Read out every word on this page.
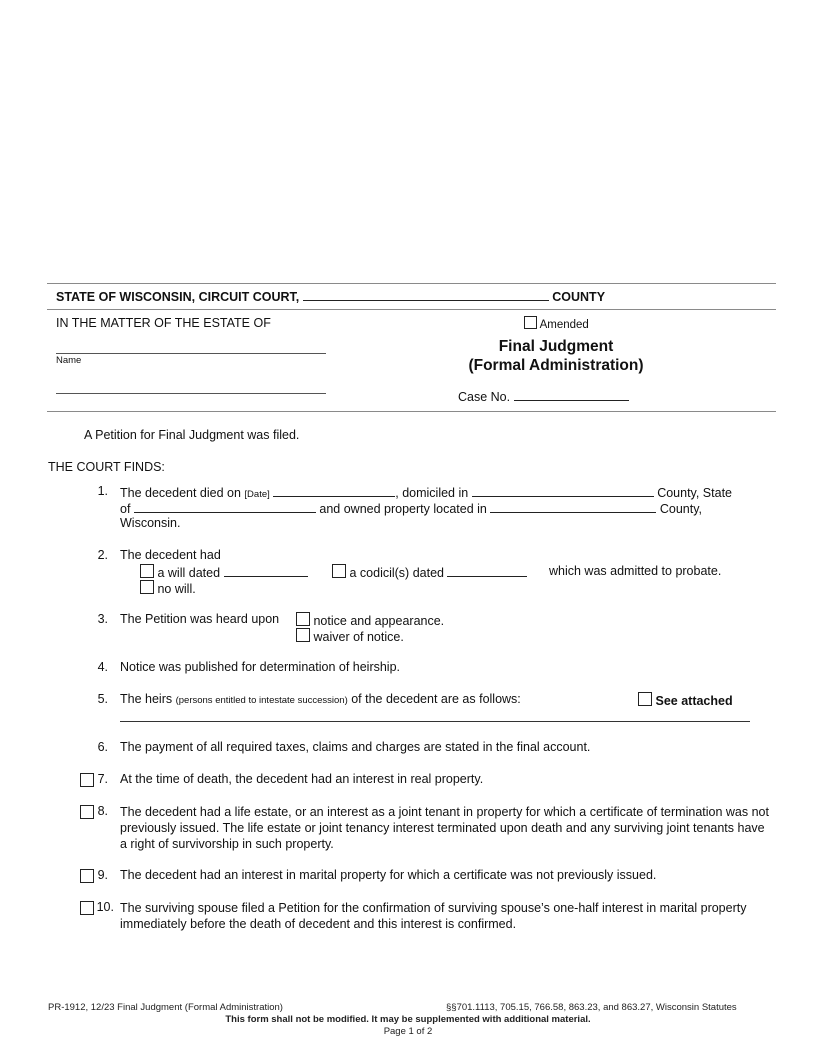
STATE OF WISCONSIN, CIRCUIT COURT,	COUNTY
IN THE MATTER OF THE ESTATE OF
Name
Amended
Final Judgment
(Formal Administration)
Case No.
A Petition for Final Judgment was filed.
THE COURT FINDS:
1. The decedent died on [Date]	, domiciled in	County, State
of	and owned property located in	County,
Wisconsin.
2. The decedent had
a will dated	a codicil(s) dated	which was admitted to probate.
no will.
3. The Petition was heard upon	notice and appearance.
waiver of notice.
4. Notice was published for determination of heirship.
5. The heirs (persons entitled to intestate succession) of the decedent are as follows:	See attached
6. The payment of all required taxes, claims and charges are stated in the final account.
7. At the time of death, the decedent had an interest in real property.
8. The decedent had a life estate, or an interest as a joint tenant in property for which a certificate of termination was not previously issued. The life estate or joint tenancy interest terminated upon death and any surviving joint tenants have a right of survivorship in such property.
9. The decedent had an interest in marital property for which a certificate was not previously issued.
10. The surviving spouse filed a Petition for the confirmation of surviving spouse’s one-half interest in marital property immediately before the death of decedent and this interest is confirmed.
PR-1912, 12/23 Final Judgment (Formal Administration)	§§701.1113, 705.15, 766.58, 863.23, and 863.27, Wisconsin Statutes
This form shall not be modified. It may be supplemented with additional material.
Page 1 of 2
